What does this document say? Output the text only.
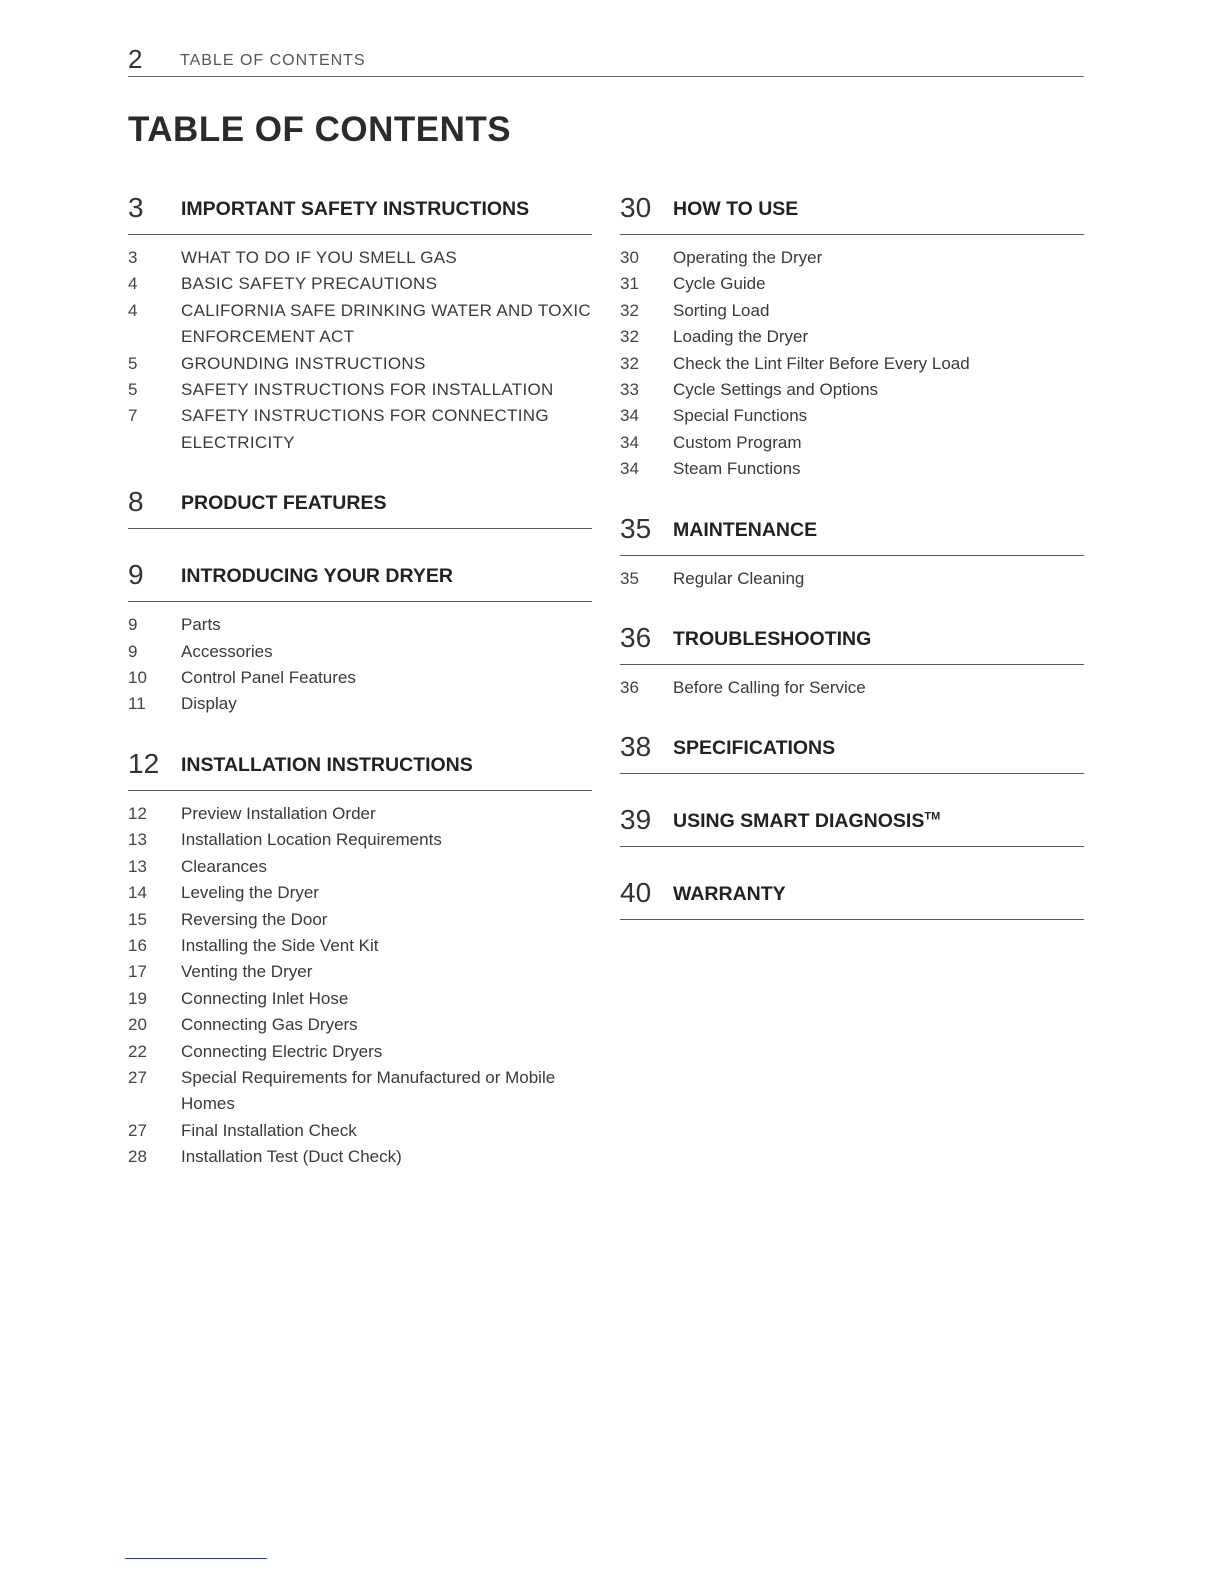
2 TABLE OF CONTENTS
TABLE OF CONTENTS
3 IMPORTANT SAFETY INSTRUCTIONS
3	WHAT TO DO IF YOU SMELL GAS
4	BASIC SAFETY PRECAUTIONS
4	CALIFORNIA SAFE DRINKING WATER AND TOXIC ENFORCEMENT ACT
5	GROUNDING INSTRUCTIONS
5	SAFETY INSTRUCTIONS FOR INSTALLATION
7	SAFETY INSTRUCTIONS FOR CONNECTING ELECTRICITY
8 PRODUCT FEATURES
9 INTRODUCING YOUR DRYER
9	Parts
9	Accessories
10 Control Panel Features
11 Display
12 INSTALLATION INSTRUCTIONS
12 Preview Installation Order
13 Installation Location Requirements
13 Clearances
14 Leveling the Dryer
15 Reversing the Door
16 Installing the Side Vent Kit
17 Venting the Dryer
19 Connecting Inlet Hose
20 Connecting Gas Dryers
22 Connecting Electric Dryers
27 Special Requirements for Manufactured or Mobile Homes
27 Final Installation Check
28 Installation Test (Duct Check)
30 HOW TO USE
30 Operating the Dryer
31 Cycle Guide
32 Sorting Load
32 Loading the Dryer
32 Check the Lint Filter Before Every Load
33 Cycle Settings and Options
34 Special Functions
34 Custom Program
34 Steam Functions
35 MAINTENANCE
35 Regular Cleaning
36 TROUBLESHOOTING
36 Before Calling for Service
38 SPECIFICATIONS
39 USING SMART DIAGNOSIS™
40 WARRANTY
